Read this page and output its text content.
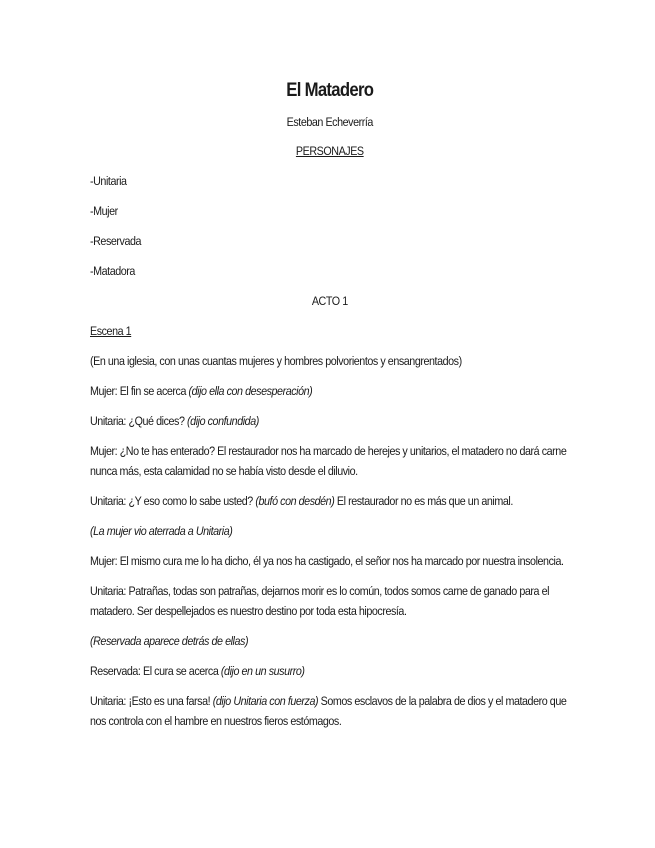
El Matadero
Esteban Echeverría
PERSONAJES
-Unitaria
-Mujer
-Reservada
-Matadora
ACTO 1
Escena 1
(En una iglesia, con unas cuantas mujeres y hombres polvorientos y ensangrentados)
Mujer: El fin se acerca (dijo ella con desesperación)
Unitaria: ¿Qué dices? (dijo confundida)
Mujer: ¿No te has enterado? El restaurador nos ha marcado de herejes y unitarios, el matadero no dará carne nunca más, esta calamidad no se había visto desde el diluvio.
Unitaria: ¿Y eso como lo sabe usted? (bufó con desdén) El restaurador no es más que un animal.
(La mujer vio aterrada a Unitaria)
Mujer: El mismo cura me lo ha dicho, él ya nos ha castigado, el señor nos ha marcado por nuestra insolencia.
Unitaria: Patrañas, todas son patrañas, dejarnos morir es lo común, todos somos carne de ganado para el matadero. Ser despellejados es nuestro destino por toda esta hipocresía.
(Reservada aparece detrás de ellas)
Reservada: El cura se acerca (dijo en un susurro)
Unitaria: ¡Esto es una farsa! (dijo Unitaria con fuerza) Somos esclavos de la palabra de dios y el matadero que nos controla con el hambre en nuestros fieros estómagos.
